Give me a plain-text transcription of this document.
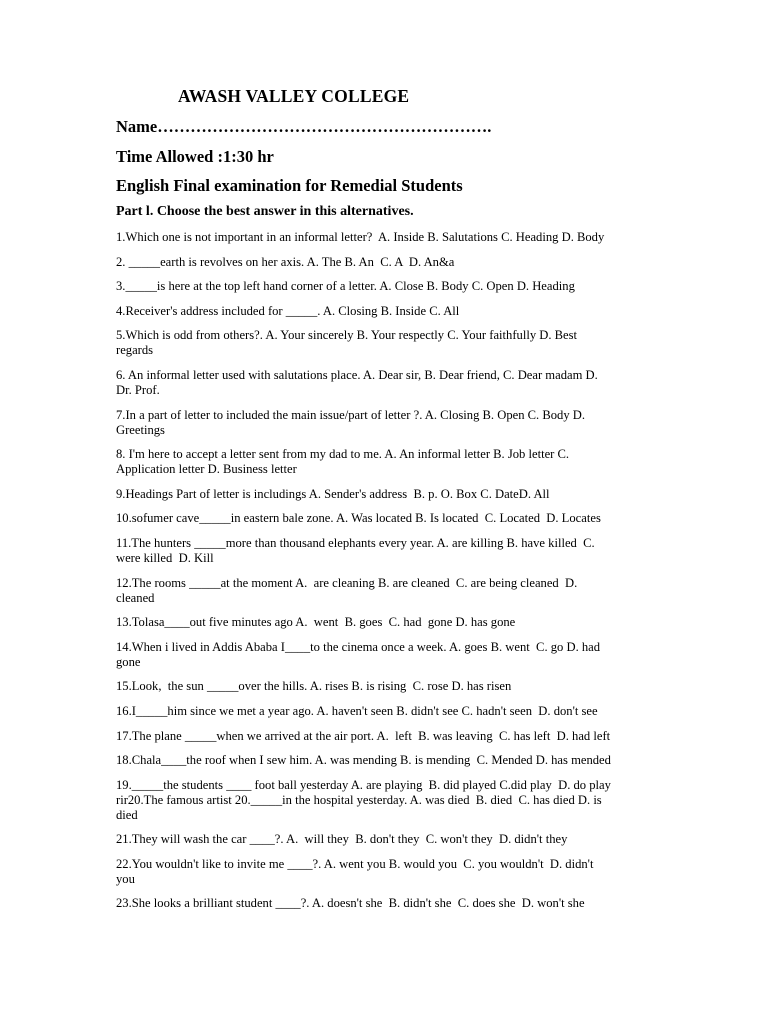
AWASH VALLEY COLLEGE
Name…………………………………………………….
Time Allowed :1:30 hr
English Final examination for Remedial Students
Part l. Choose the best answer in this alternatives.

1.Which one is not important in an informal letter?  A. Inside B. Salutations C. Heading D. Body

2. _____earth is revolves on her axis. A. The B. An  C. A  D. An&a

3._____is here at the top left hand corner of a letter. A. Close B. Body C. Open D. Heading

4.Receiver's address included for _____. A. Closing B. Inside C. All

5.Which is odd from others?. A. Your sincerely B. Your respectly C. Your faithfully D. Best
regards

6. An informal letter used with salutations place. A. Dear sir, B. Dear friend, C. Dear madam D.
Dr. Prof.

7.In a part of letter to included the main issue/part of letter ?. A. Closing B. Open C. Body D.
Greetings

8. I'm here to accept a letter sent from my dad to me. A. An informal letter B. Job letter C.
Application letter D. Business letter

9.Headings Part of letter is includings A. Sender's address  B. p. O. Box C. DateD. All

10.sofumer cave_____in eastern bale zone. A. Was located B. Is located  C. Located  D. Locates

11.The hunters _____more than thousand elephants every year. A. are killing B. have killed  C.
were killed  D. Kill

12.The rooms _____at the moment A.  are cleaning B. are cleaned  C. are being cleaned  D.
cleaned

13.Tolasa____out five minutes ago A.  went  B. goes  C. had  gone D. has gone

14.When i lived in Addis Ababa I____to the cinema once a week. A. goes B. went  C. go D. had
gone

15.Look,  the sun _____over the hills. A. rises B. is rising  C. rose D. has risen

16.I_____him since we met a year ago. A. haven't seen B. didn't see C. hadn't seen  D. don't see

17.The plane _____when we arrived at the air port. A.  left  B. was leaving  C. has left  D. had left

18.Chala____the roof when I sew him. A. was mending B. is mending  C. Mended D. has mended

19._____the students ____ foot ball yesterday A. are playing  B. did played C.did play  D. do play
rir20.The famous artist 20._____in the hospital yesterday. A. was died  B. died  C. has died D. is
died

21.They will wash the car ____?. A.  will they  B. don't they  C. won't they  D. didn't they

22.You wouldn't like to invite me ____?. A. went you B. would you  C. you wouldn't  D. didn't
you

23.She looks a brilliant student ____?. A. doesn't she  B. didn't she  C. does she  D. won't she
